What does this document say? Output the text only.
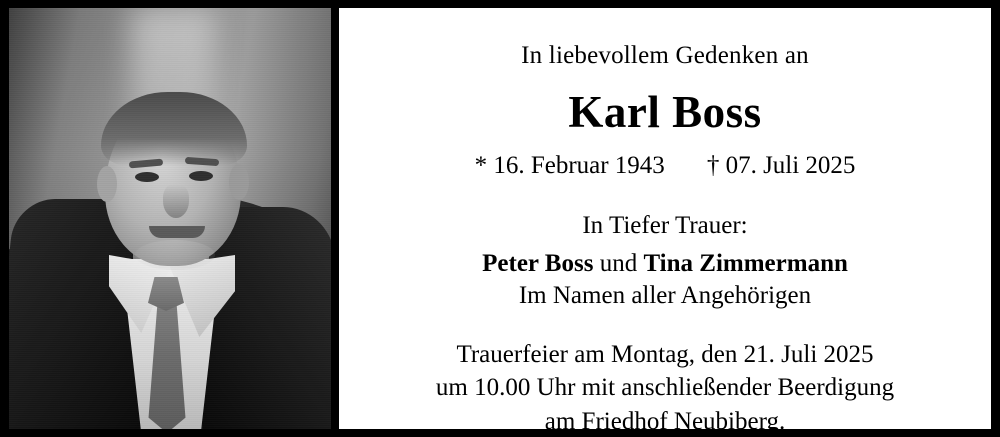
In liebevollem Gedenken an
Karl Boss
* 16. Februar 1943 † 07. Juli 2025
In Tiefer Trauer:
Peter Boss und Tina Zimmermann
Im Namen aller Angehörigen
Trauerfeier am Montag, den 21. Juli 2025
um 10.00 Uhr mit anschließender Beerdigung
am Friedhof Neubiberg.
